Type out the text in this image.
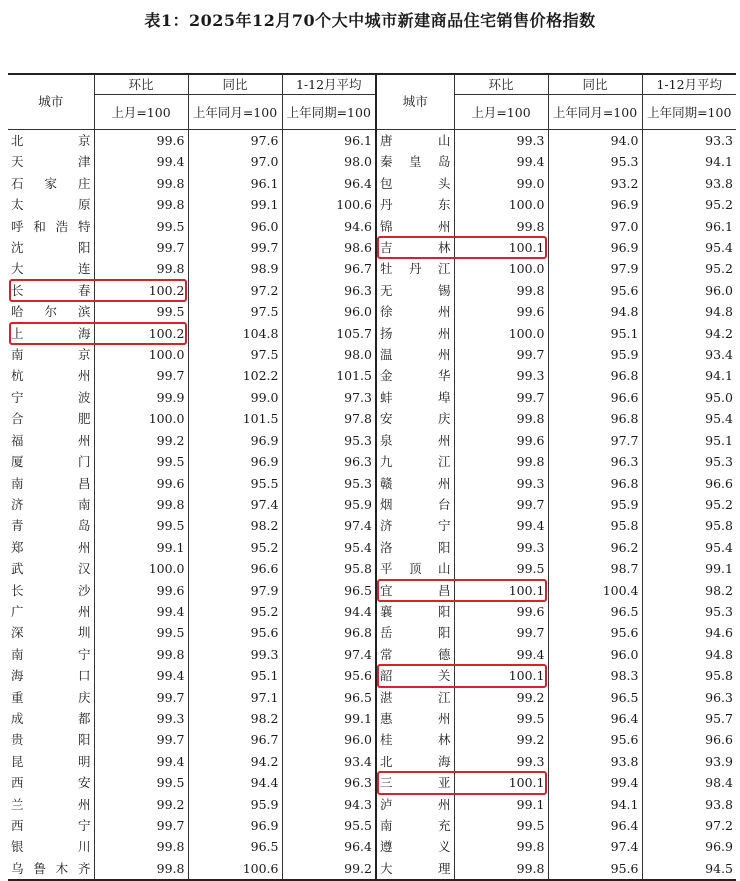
表1：2025年12月70个大中城市新建商品住宅销售价格指数
城市	环比	同比	1-12月平均	城市	环比	同比	1-12月平均
	上月=100	上年同月=100	上年同期=100		上月=100	上年同月=100	上年同期=100
北京	99.6	97.6	96.1	唐山	99.3	94.0	93.3
天津	99.4	97.0	98.0	秦皇岛	99.4	95.3	94.1
石家庄	99.8	96.1	96.4	包头	99.0	93.2	93.8
太原	99.8	99.1	100.6	丹东	100.0	96.9	95.2
呼和浩特	99.5	96.0	94.6	锦州	99.8	97.0	96.1
沈阳	99.7	99.7	98.6	吉林	100.1	96.9	95.4
大连	99.8	98.9	96.7	牡丹江	100.0	97.9	95.2
长春	100.2	97.2	96.3	无锡	99.8	95.6	96.0
哈尔滨	99.5	97.5	96.0	徐州	99.6	94.8	94.8
上海	100.2	104.8	105.7	扬州	100.0	95.1	94.2
南京	100.0	97.5	98.0	温州	99.7	95.9	93.4
杭州	99.7	102.2	101.5	金华	99.3	96.8	94.1
宁波	99.9	99.0	97.3	蚌埠	99.7	96.6	95.0
合肥	100.0	101.5	97.8	安庆	99.8	96.8	95.4
福州	99.2	96.9	95.3	泉州	99.6	97.7	95.1
厦门	99.5	96.9	96.3	九江	99.8	96.3	95.3
南昌	99.6	95.5	95.3	赣州	99.3	96.8	96.6
济南	99.8	97.4	95.9	烟台	99.7	95.9	95.2
青岛	99.5	98.2	97.4	济宁	99.4	95.8	95.8
郑州	99.1	95.2	95.4	洛阳	99.3	96.2	95.4
武汉	100.0	96.6	95.8	平顶山	99.5	98.7	99.1
长沙	99.6	97.9	96.5	宜昌	100.1	100.4	98.2
广州	99.4	95.2	94.4	襄阳	99.6	96.5	95.3
深圳	99.5	95.6	96.8	岳阳	99.7	95.6	94.6
南宁	99.8	99.3	97.4	常德	99.4	96.0	94.8
海口	99.4	95.1	95.6	韶关	100.1	98.3	95.8
重庆	99.7	97.1	96.5	湛江	99.2	96.5	96.3
成都	99.3	98.2	99.1	惠州	99.5	96.4	95.7
贵阳	99.7	96.7	96.0	桂林	99.2	95.6	96.6
昆明	99.4	94.2	93.4	北海	99.3	93.8	93.9
西安	99.5	94.4	96.3	三亚	100.1	99.4	98.4
兰州	99.2	95.9	94.3	泸州	99.1	94.1	93.8
西宁	99.7	96.9	95.5	南充	99.5	96.4	97.2
银川	99.8	96.5	96.4	遵义	99.8	97.4	96.9
乌鲁木齐	99.8	100.6	99.2	大理	99.8	95.6	94.5
